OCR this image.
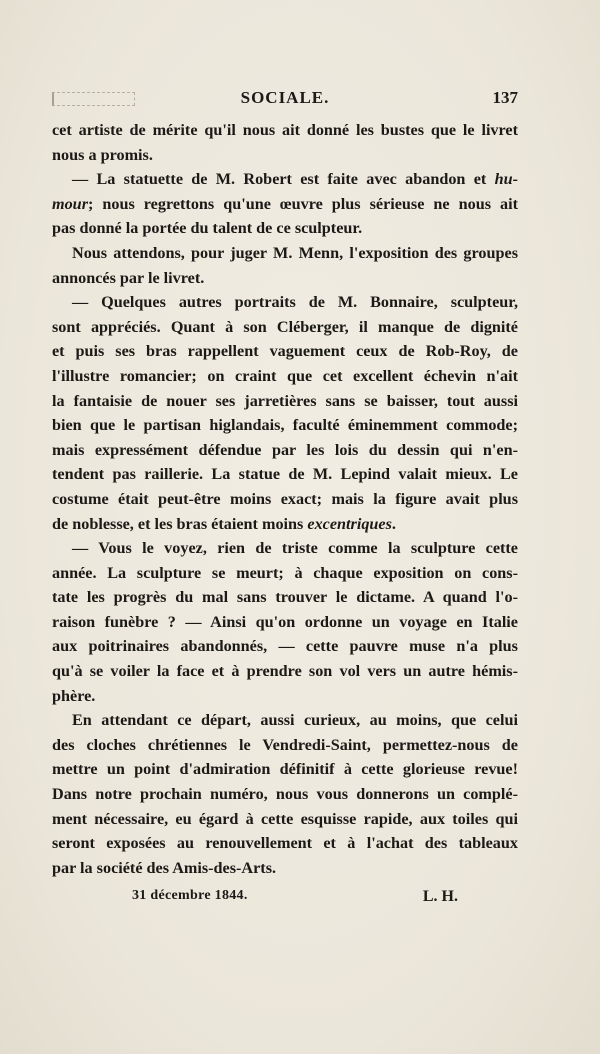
SOCIALE.	137
cet artiste de mérite qu'il nous ait donné les bustes que le livret
nous a promis.
— La statuette de M. Robert est faite avec abandon et hu-
mour; nous regrettons qu'une œuvre plus sérieuse ne nous ait
pas donné la portée du talent de ce sculpteur.
Nous attendons, pour juger M. Menn, l'exposition des groupes
annoncés par le livret.
— Quelques autres portraits de M. Bonnaire, sculpteur,
sont appréciés. Quant à son Cléberger, il manque de dignité
et puis ses bras rappellent vaguement ceux de Rob-Roy, de
l'illustre romancier; on craint que cet excellent échevin n'ait
la fantaisie de nouer ses jarretières sans se baisser, tout aussi
bien que le partisan higlandais, faculté éminemment commode;
mais expressément défendue par les lois du dessin qui n'en-
tendent pas raillerie. La statue de M. Lepind valait mieux. Le
costume était peut-être moins exact; mais la figure avait plus
de noblesse, et les bras étaient moins excentriques.
— Vous le voyez, rien de triste comme la sculpture cette
année. La sculpture se meurt; à chaque exposition on cons-
tate les progrès du mal sans trouver le dictame. A quand l'o-
raison funèbre ? — Ainsi qu'on ordonne un voyage en Italie
aux poitrinaires abandonnés, — cette pauvre muse n'a plus
qu'à se voiler la face et à prendre son vol vers un autre hémis-
phère.
En attendant ce départ, aussi curieux, au moins, que celui
des cloches chrétiennes le Vendredi-Saint, permettez-nous de
mettre un point d'admiration définitif à cette glorieuse revue!
Dans notre prochain numéro, nous vous donnerons un complé-
ment nécessaire, eu égard à cette esquisse rapide, aux toiles qui
seront exposées au renouvellement et à l'achat des tableaux
par la société des Amis-des-Arts.
31 décembre 1844.	L. H.
